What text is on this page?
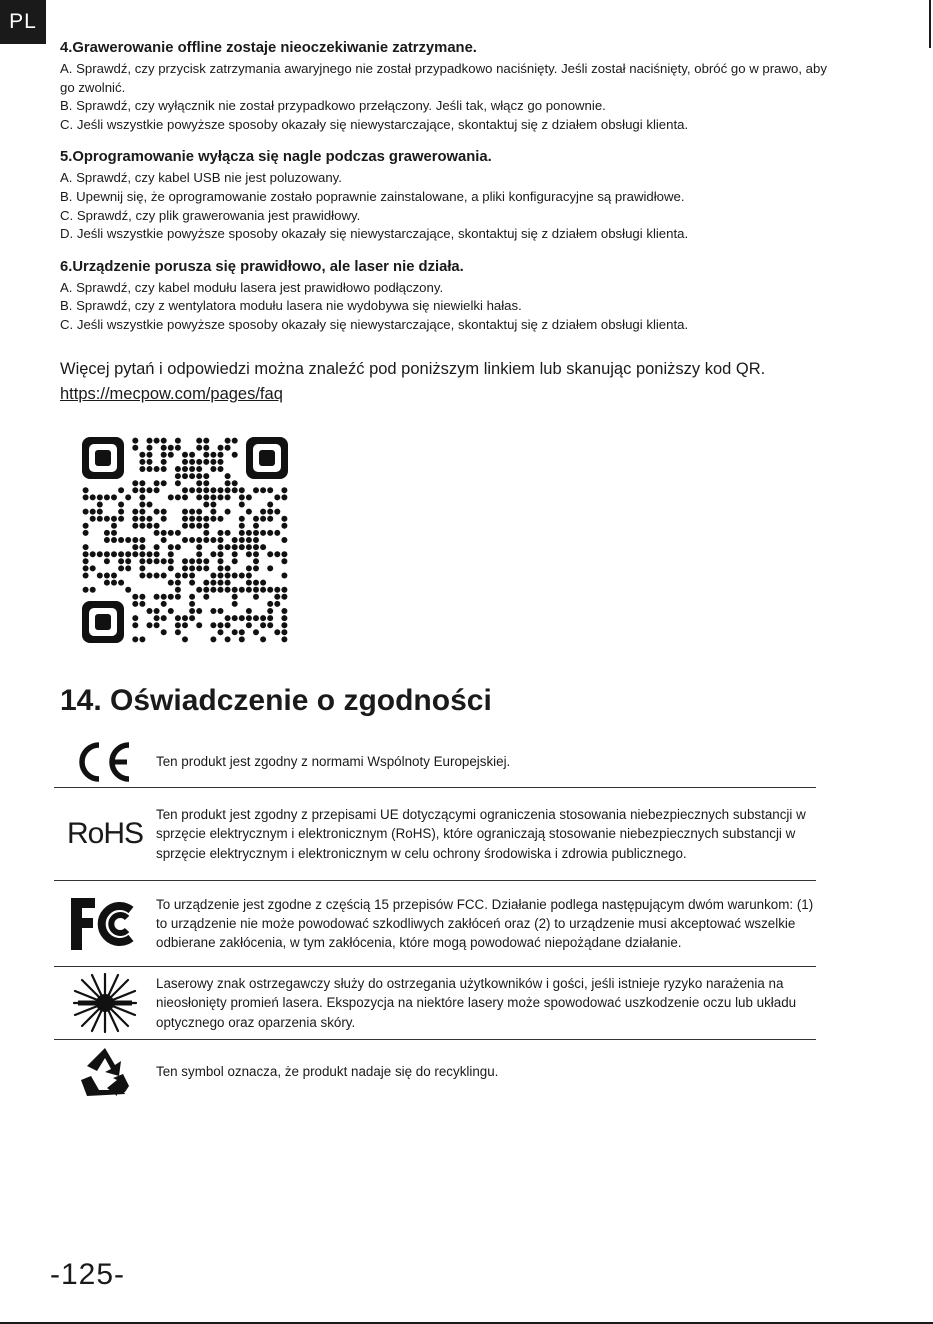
PL
4.Grawerowanie offline zostaje nieoczekiwanie zatrzymane.

A. Sprawdź, czy przycisk zatrzymania awaryjnego nie został przypadkowo naciśnięty. Jeśli został naciśnięty, obróć go w prawo, aby go zwolnić.

B. Sprawdź, czy wyłącznik nie został przypadkowo przełączony. Jeśli tak, włącz go ponownie.

C. Jeśli wszystkie powyższe sposoby okazały się niewystarczające, skontaktuj się z działem obsługi klienta.

5.Oprogramowanie wyłącza się nagle podczas grawerowania.

A. Sprawdź, czy kabel USB nie jest poluzowany.

B. Upewnij się, że oprogramowanie zostało poprawnie zainstalowane, a pliki konfiguracyjne są prawidłowe.

C. Sprawdź, czy plik grawerowania jest prawidłowy.

D. Jeśli wszystkie powyższe sposoby okazały się niewystarczające, skontaktuj się z działem obsługi klienta.

6.Urządzenie porusza się prawidłowo, ale laser nie działa.

A. Sprawdź, czy kabel modułu lasera jest prawidłowo podłączony.

B. Sprawdź, czy z wentylatora modułu lasera nie wydobywa się niewielki hałas.

C. Jeśli wszystkie powyższe sposoby okazały się niewystarczające, skontaktuj się z działem obsługi klienta.

Więcej pytań i odpowiedzi można znaleźć pod poniższym linkiem lub skanując poniższy kod QR.
https://mecpow.com/pages/faq
14. Oświadczenie o zgodności
Ten produkt jest zgodny z normami Wspólnoty Europejskiej.
RoHS
Ten produkt jest zgodny z przepisami UE dotyczącymi ograniczenia stosowania niebezpiecznych substancji w sprzęcie elektrycznym i elektronicznym (RoHS), które ograniczają stosowanie niebezpiecznych substancji w sprzęcie elektrycznym i elektronicznym w celu ochrony środowiska i zdrowia publicznego.
To urządzenie jest zgodne z częścią 15 przepisów FCC. Działanie podlega następującym dwóm warunkom: (1) to urządzenie nie może powodować szkodliwych zakłóceń oraz (2) to urządzenie musi akceptować wszelkie odbierane zakłócenia, w tym zakłócenia, które mogą powodować niepożądane działanie.
Laserowy znak ostrzegawczy służy do ostrzegania użytkowników i gości, jeśli istnieje ryzyko narażenia na nieosłonięty promień lasera. Ekspozycja na niektóre lasery może spowodować uszkodzenie oczu lub układu optycznego oraz oparzenia skóry.
Ten symbol oznacza, że produkt nadaje się do recyklingu.
-125-
